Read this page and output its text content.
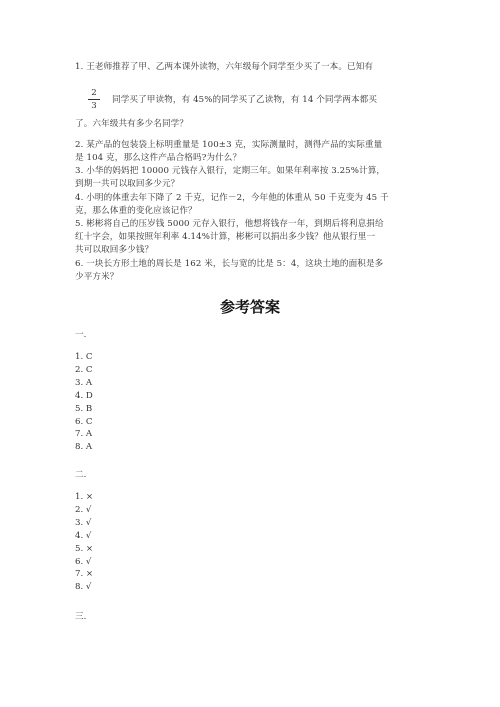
1. 王老师推荐了甲、乙两本课外读物，六年级每个同学至少买了一本。已知有
2
3
同学买了甲读物，有 45%的同学买了乙读物，有 14 个同学两本都买
了。六年级共有多少名同学？
2. 某产品的包装袋上标明重量是 100±3 克，实际测量时，测得产品的实际重量
是 104 克，那么这件产品合格吗?为什么？
3. 小华的妈妈把 10000 元钱存入银行，定期三年。如果年利率按 3.25%计算，
到期一共可以取回多少元？
4. 小明的体重去年下降了 2 千克，记作－2，今年他的体重从 50 千克变为 45 千
克，那么体重的变化应该记作？
5. 彬彬将自己的压岁钱 5000 元存入银行，他想将钱存一年，到期后将利息捐给
红十字会，如果按照年利率 4.14%计算，彬彬可以捐出多少钱？他从银行里一
共可以取回多少钱？
6. 一块长方形土地的周长是 162 米，长与宽的比是 5：4，这块土地的面积是多
少平方米？
参考答案
一.
1. C
2. C
3. A
4. D
5. B
6. C
7. A
8. A
二.
1. ×
2. √
3. √
4. √
5. ×
6. √
7. ×
8. √
三.
